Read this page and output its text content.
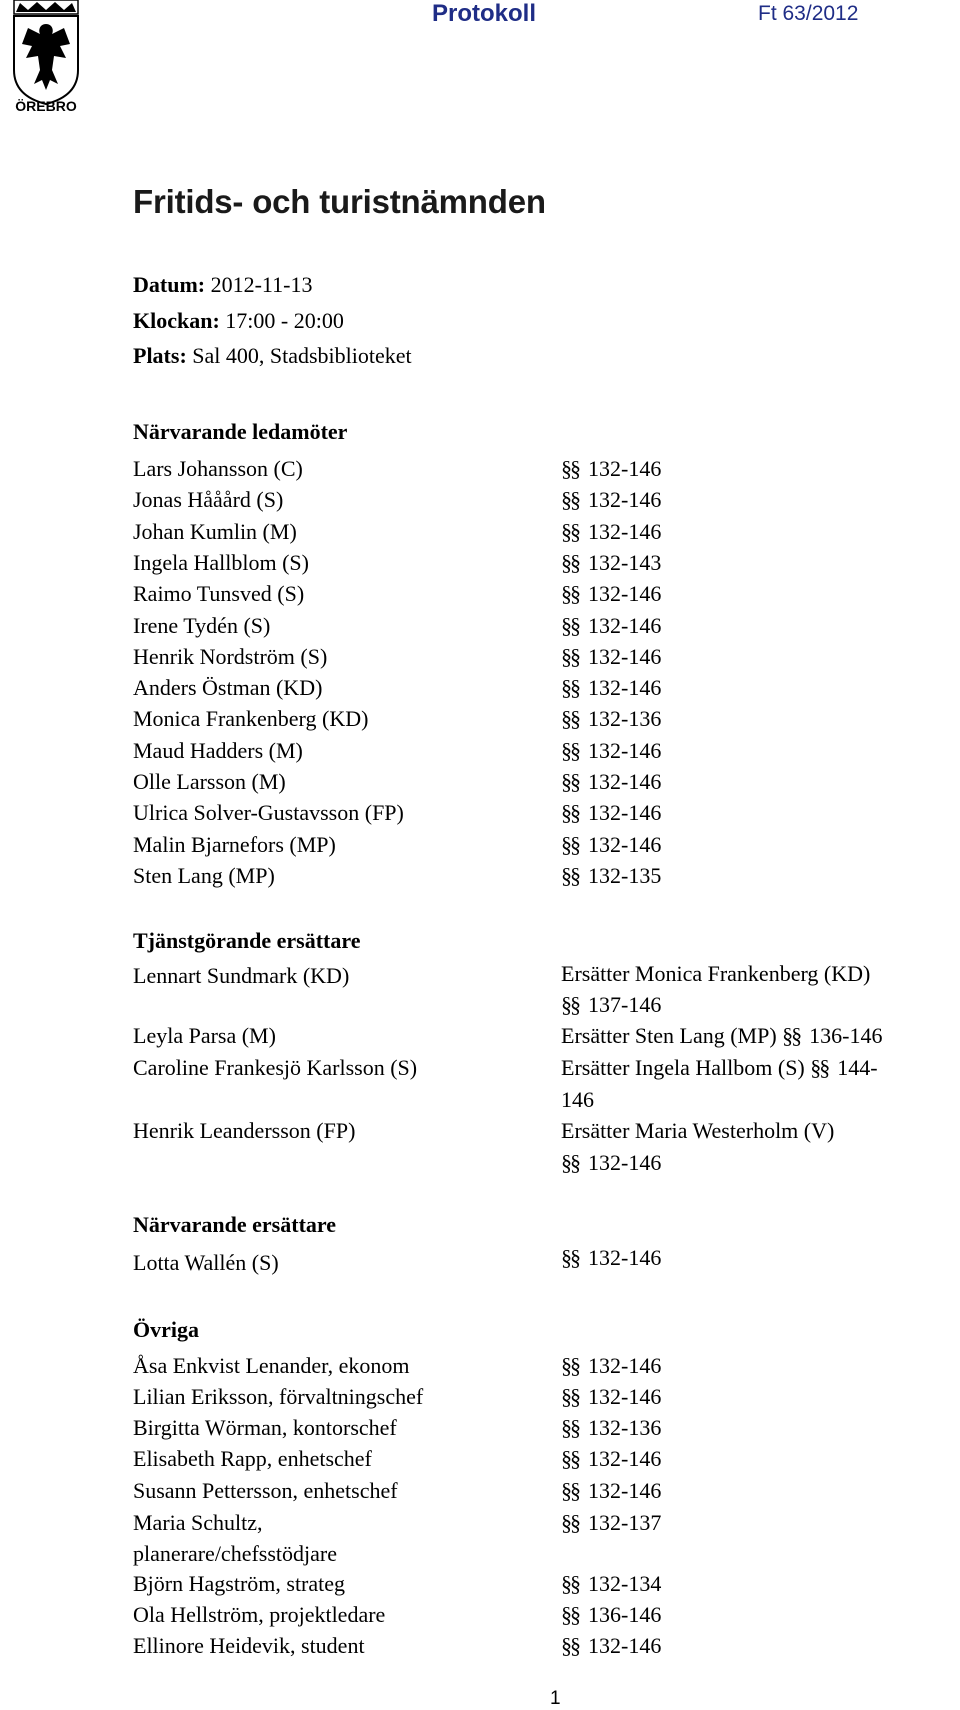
ÖREBRO
Protokoll	Ft 63/2012
Fritids- och turistnämnden
Datum: 2012-11-13
Klockan: 17:00 - 20:00
Plats: Sal 400, Stadsbiblioteket
Närvarande ledamöter
Lars Johansson (C)	§§ 132-146
Jonas Hååård (S)	§§ 132-146
Johan Kumlin (M)	§§ 132-146
Ingela Hallblom (S)	§§ 132-143
Raimo Tunsved (S)	§§ 132-146
Irene Tydén (S)	§§ 132-146
Henrik Nordström (S)	§§ 132-146
Anders Östman (KD)	§§ 132-146
Monica Frankenberg (KD)	§§ 132-136
Maud Hadders (M)	§§ 132-146
Olle Larsson (M)	§§ 132-146
Ulrica Solver-Gustavsson (FP)	§§ 132-146
Malin Bjarnefors (MP)	§§ 132-146
Sten Lang (MP)	§§ 132-135
Tjänstgörande ersättare
Lennart Sundmark (KD)	Ersätter Monica Frankenberg (KD)
§§ 137-146
Leyla Parsa (M)	Ersätter Sten Lang (MP) §§ 136-146
Caroline Frankesjö Karlsson (S)	Ersätter Ingela Hallbom (S) §§ 144-
146
Henrik Leandersson (FP)	Ersätter Maria Westerholm (V)
§§ 132-146
Närvarande ersättare
Lotta Wallén (S)	§§ 132-146
Övriga
Åsa Enkvist Lenander, ekonom	§§ 132-146
Lilian Eriksson, förvaltningschef	§§ 132-146
Birgitta Wörman, kontorschef	§§ 132-136
Elisabeth Rapp, enhetschef	§§ 132-146
Susann Pettersson, enhetschef	§§ 132-146
Maria Schultz,	§§ 132-137
planerare/chefsstödjare
Björn Hagström, strateg	§§ 132-134
Ola Hellström, projektledare	§§ 136-146
Ellinore Heidevik, student	§§ 132-146
1
